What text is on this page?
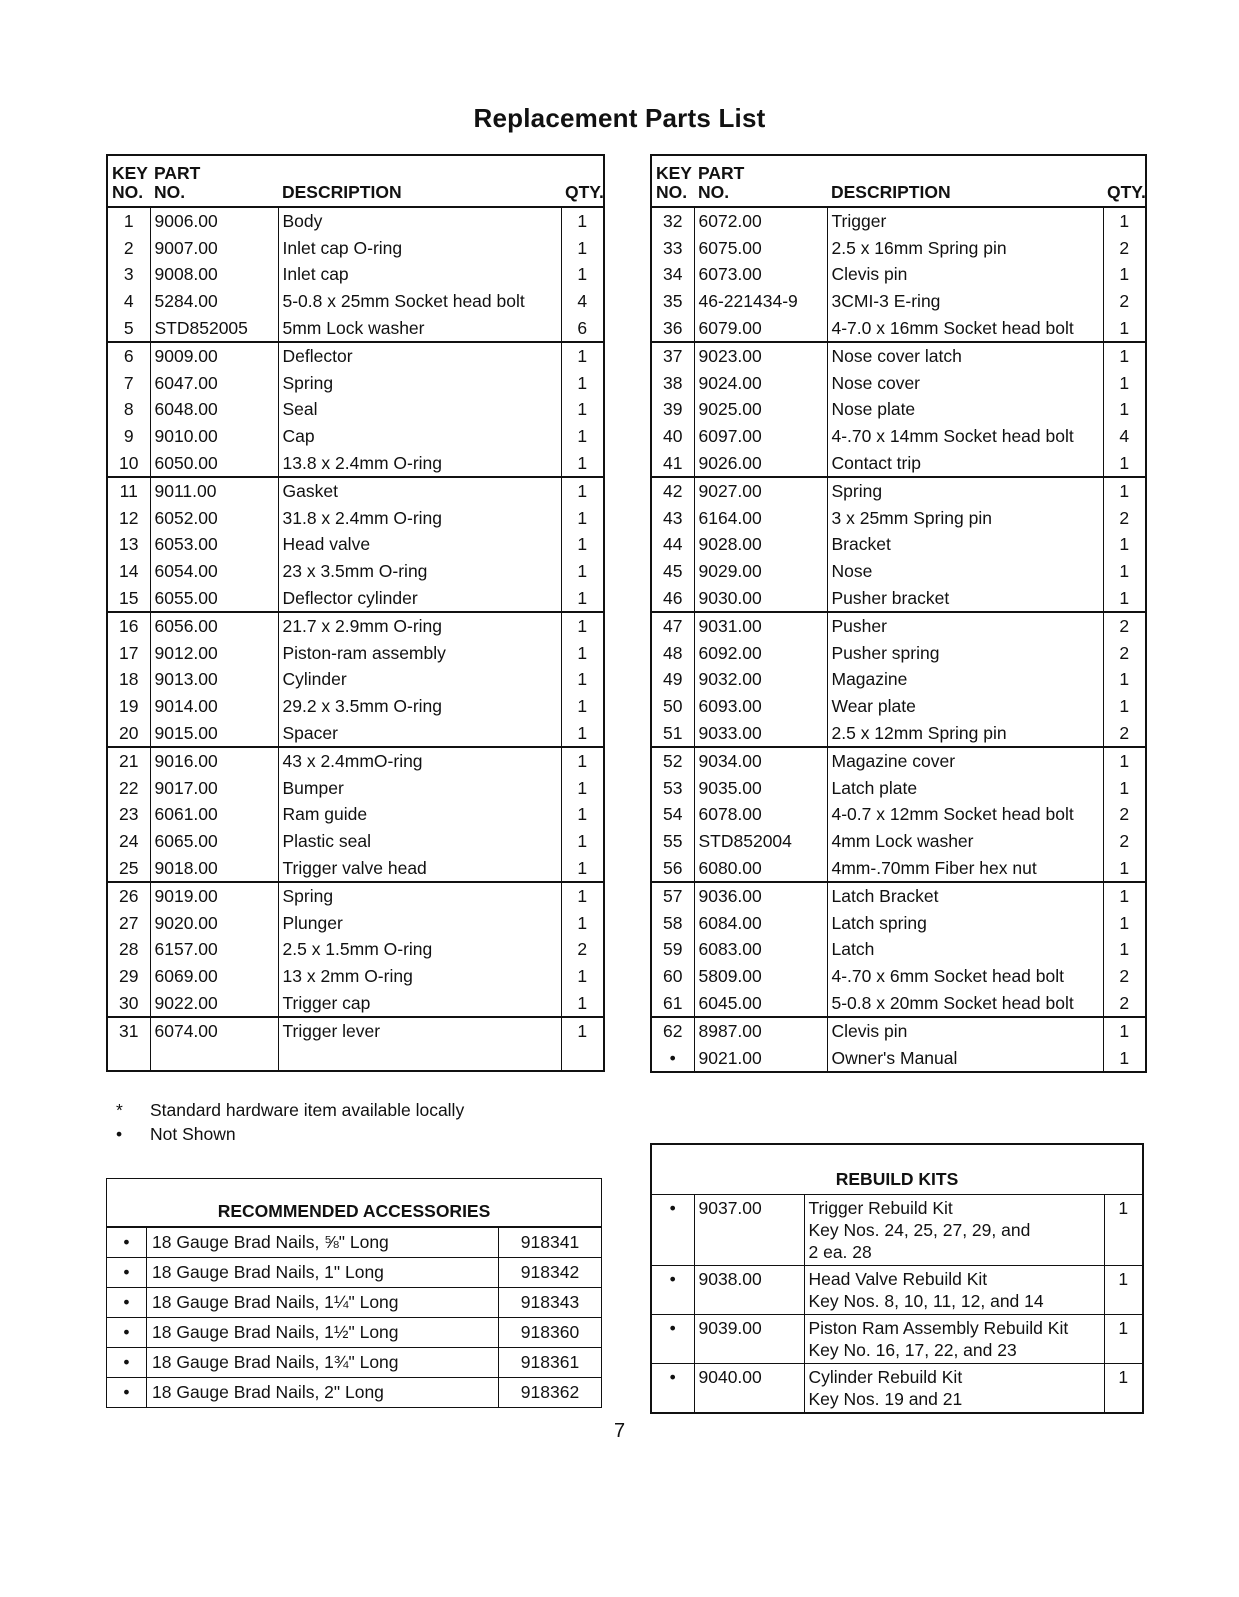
Replacement Parts List
KEY
NO.	PART
NO.	DESCRIPTION	QTY.
1	9006.00	Body	1
2	9007.00	Inlet cap O-ring	1
3	9008.00	Inlet cap	1
4	5284.00	5-0.8 x 25mm Socket head bolt	4
5	STD852005	5mm Lock washer	6
6	9009.00	Deflector	1
7	6047.00	Spring	1
8	6048.00	Seal	1
9	9010.00	Cap	1
10	6050.00	13.8 x 2.4mm O-ring	1
11	9011.00	Gasket	1
12	6052.00	31.8 x 2.4mm O-ring	1
13	6053.00	Head valve	1
14	6054.00	23 x 3.5mm O-ring	1
15	6055.00	Deflector cylinder	1
16	6056.00	21.7 x 2.9mm O-ring	1
17	9012.00	Piston-ram assembly	1
18	9013.00	Cylinder	1
19	9014.00	29.2 x 3.5mm O-ring	1
20	9015.00	Spacer	1
21	9016.00	43 x 2.4mmO-ring	1
22	9017.00	Bumper	1
23	6061.00	Ram guide	1
24	6065.00	Plastic seal	1
25	9018.00	Trigger valve head	1
26	9019.00	Spring	1
27	9020.00	Plunger	1
28	6157.00	2.5 x 1.5mm O-ring	2
29	6069.00	13 x 2mm O-ring	1
30	9022.00	Trigger cap	1
31	6074.00	Trigger lever	1

KEY
NO.	PART
NO.	DESCRIPTION	QTY.
32	6072.00	Trigger	1
33	6075.00	2.5 x 16mm Spring pin	2
34	6073.00	Clevis pin	1
35	46-221434-9	3CMI-3 E-ring	2
36	6079.00	4-7.0 x 16mm Socket head bolt	1
37	9023.00	Nose cover latch	1
38	9024.00	Nose cover	1
39	9025.00	Nose plate	1
40	6097.00	4-.70 x 14mm Socket head bolt	4
41	9026.00	Contact trip	1
42	9027.00	Spring	1
43	6164.00	3 x 25mm Spring pin	2
44	9028.00	Bracket	1
45	9029.00	Nose	1
46	9030.00	Pusher bracket	1
47	9031.00	Pusher	2
48	6092.00	Pusher spring	2
49	9032.00	Magazine	1
50	6093.00	Wear plate	1
51	9033.00	2.5 x 12mm Spring pin	2
52	9034.00	Magazine cover	1
53	9035.00	Latch plate	1
54	6078.00	4-0.7 x 12mm Socket head bolt	2
55	STD852004	4mm Lock washer	2
56	6080.00	4mm-.70mm Fiber hex nut	1
57	9036.00	Latch Bracket	1
58	6084.00	Latch spring	1
59	6083.00	Latch	1
60	5809.00	4-.70 x 6mm Socket head bolt	2
61	6045.00	5-0.8 x 20mm Socket head bolt	2
62	8987.00	Clevis pin	1
•	9021.00	Owner's Manual	1
* Standard hardware item available locally
• Not Shown
RECOMMENDED ACCESSORIES		
•	18 Gauge Brad Nails, ⅝" Long	918341
•	18 Gauge Brad Nails, 1" Long	918342
•	18 Gauge Brad Nails, 1¼" Long	918343
•	18 Gauge Brad Nails, 1½" Long	918360
•	18 Gauge Brad Nails, 1¾" Long	918361
•	18 Gauge Brad Nails, 2" Long	918362
REBUILD KITS			
•	9037.00	Trigger Rebuild Kit
Key Nos. 24, 25, 27, 29, and
2 ea. 28	1
•	9038.00	Head Valve Rebuild Kit
Key Nos. 8, 10, 11, 12, and 14	1
•	9039.00	Piston Ram Assembly Rebuild Kit
Key No. 16, 17, 22, and 23	1
•	9040.00	Cylinder Rebuild Kit
Key Nos. 19 and 21	1
7
